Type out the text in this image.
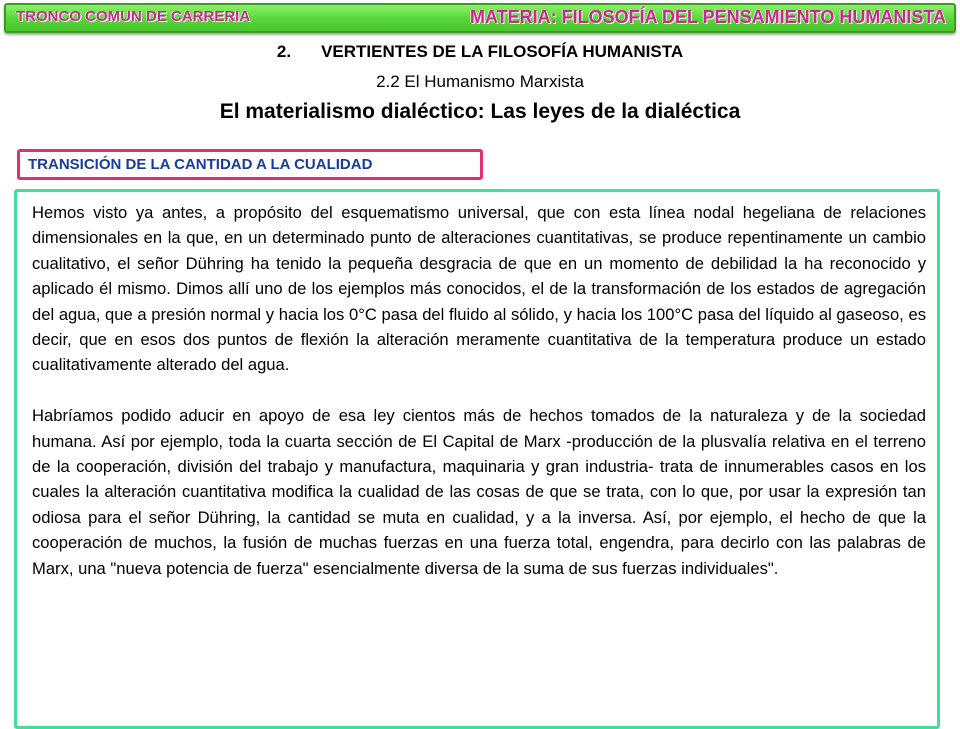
TRONCO COMUN DE CARRERIA	MATERIA: FILOSOFÍA DEL PENSAMIENTO HUMANISTA
2. VERTIENTES DE LA FILOSOFÍA HUMANISTA
2.2 El Humanismo Marxista
El materialismo dialéctico: Las leyes de la dialéctica
TRANSICIÓN DE LA CANTIDAD A LA CUALIDAD

Hemos visto ya antes, a propósito del esquematismo universal, que con esta línea nodal hegeliana de relaciones dimensionales en la que, en un determinado punto de alteraciones cuantitativas, se produce repentinamente un cambio cualitativo, el señor Dühring ha tenido la pequeña desgracia de que en un momento de debilidad la ha reconocido y aplicado él mismo. Dimos allí uno de los ejemplos más conocidos, el de la transformación de los estados de agregación del agua, que a presión normal y hacia los 0°C pasa del fluido al sólido, y hacia los 100°C pasa del líquido al gaseoso, es decir, que en esos dos puntos de flexión la alteración meramente cuantitativa de la temperatura produce un estado cualitativamente alterado del agua.

Habríamos podido aducir en apoyo de esa ley cientos más de hechos tomados de la naturaleza y de la sociedad humana. Así por ejemplo, toda la cuarta sección de El Capital de Marx -producción de la plusvalía relativa en el terreno de la cooperación, división del trabajo y manufactura, maquinaria y gran industria- trata de innumerables casos en los cuales la alteración cuantitativa modifica la cualidad de las cosas de que se trata, con lo que, por usar la expresión tan odiosa para el señor Dühring, la cantidad se muta en cualidad, y a la inversa. Así, por ejemplo, el hecho de que la cooperación de muchos, la fusión de muchas fuerzas en una fuerza total, engendra, para decirlo con las palabras de Marx, una "nueva potencia de fuerza" esencialmente diversa de la suma de sus fuerzas individuales".
